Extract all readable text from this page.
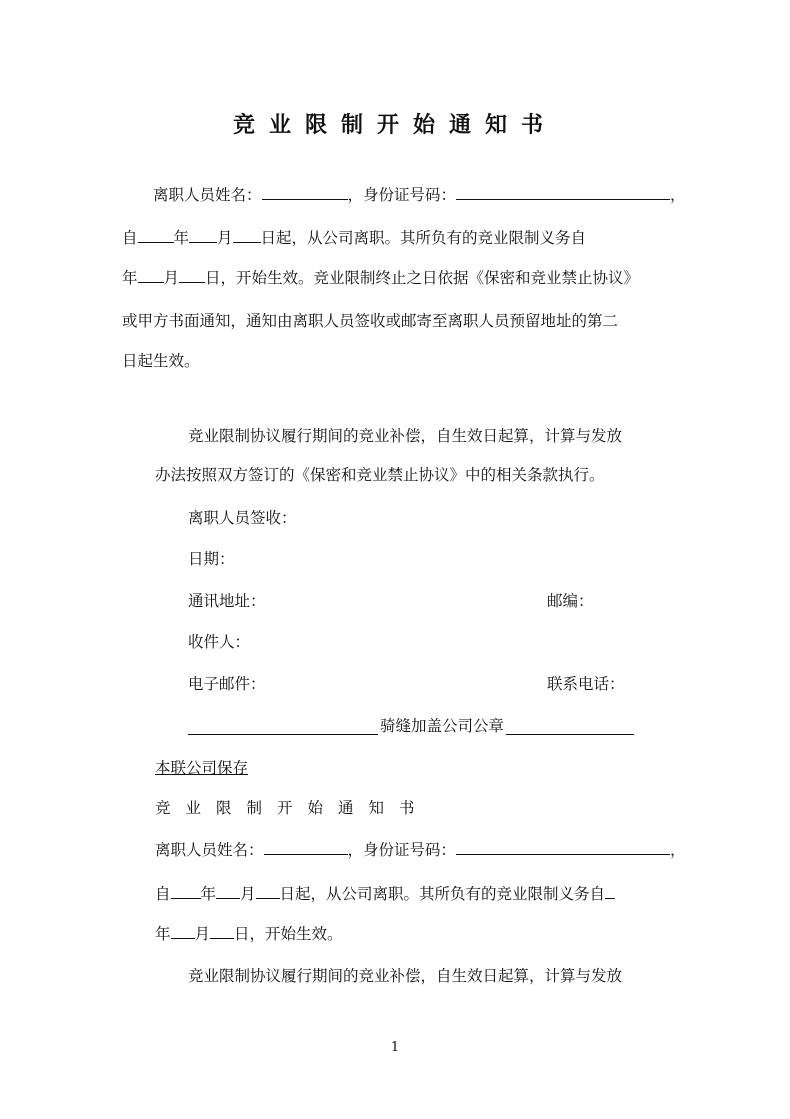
竞业限制开始通知书
离职人员姓名：	，身份证号码：	，
自 年 月 日起，从公司离职。其所负有的竞业限制义务自
年 月 日，开始生效。竞业限制终止之日依据《保密和竞业禁止协议》
或甲方书面通知，通知由离职人员签收或邮寄至离职人员预留地址的第二
日起生效。
竞业限制协议履行期间的竞业补偿，自生效日起算，计算与发放
办法按照双方签订的《保密和竞业禁止协议》中的相关条款执行。
离职人员签收：
日期：
通讯地址：	邮编：
收件人：
电子邮件：	联系电话：
骑缝加盖公司公章
本联公司保存
竞业限制开始通知书
离职人员姓名：	，身份证号码：	，
自 年 月 日起，从公司离职。其所负有的竞业限制义务自
年 月 日，开始生效。
竞业限制协议履行期间的竞业补偿，自生效日起算，计算与发放
1
